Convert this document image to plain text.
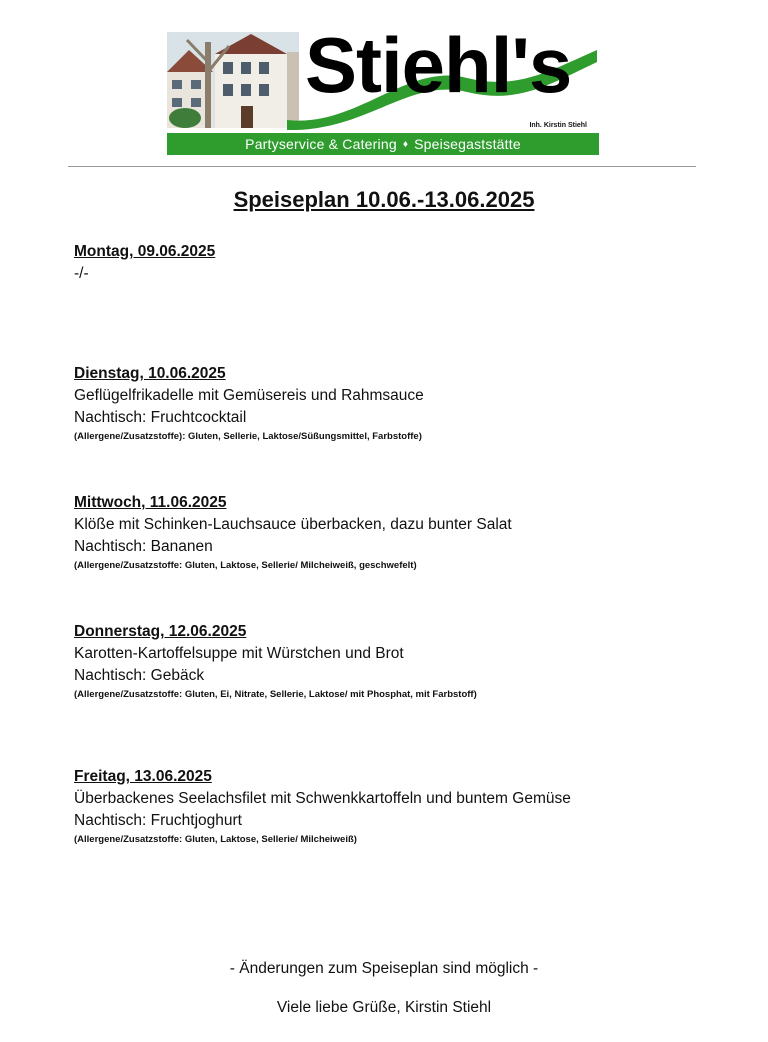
Stiehl's
Inh. Kirstin Stiehl
Partyservice & Catering ♦ Speisegaststätte
Speiseplan 10.06.-13.06.2025
Montag, 09.06.2025
-/-
Dienstag, 10.06.2025
Geflügelfrikadelle mit Gemüsereis und Rahmsauce
Nachtisch: Fruchtcocktail
(Allergene/Zusatzstoffe): Gluten, Sellerie, Laktose/Süßungsmittel, Farbstoffe)
Mittwoch, 11.06.2025
Klöße mit Schinken-Lauchsauce überbacken, dazu bunter Salat
Nachtisch: Bananen
(Allergene/Zusatzstoffe: Gluten, Laktose, Sellerie/ Milcheiweiß, geschwefelt)
Donnerstag, 12.06.2025
Karotten-Kartoffelsuppe mit Würstchen und Brot
Nachtisch: Gebäck
(Allergene/Zusatzstoffe: Gluten, Ei, Nitrate, Sellerie, Laktose/ mit Phosphat, mit Farbstoff)
Freitag, 13.06.2025
Überbackenes Seelachsfilet mit Schwenkkartoffeln und buntem Gemüse
Nachtisch: Fruchtjoghurt
(Allergene/Zusatzstoffe: Gluten, Laktose, Sellerie/ Milcheiweiß)
- Änderungen zum Speiseplan sind möglich -
Viele liebe Grüße, Kirstin Stiehl
